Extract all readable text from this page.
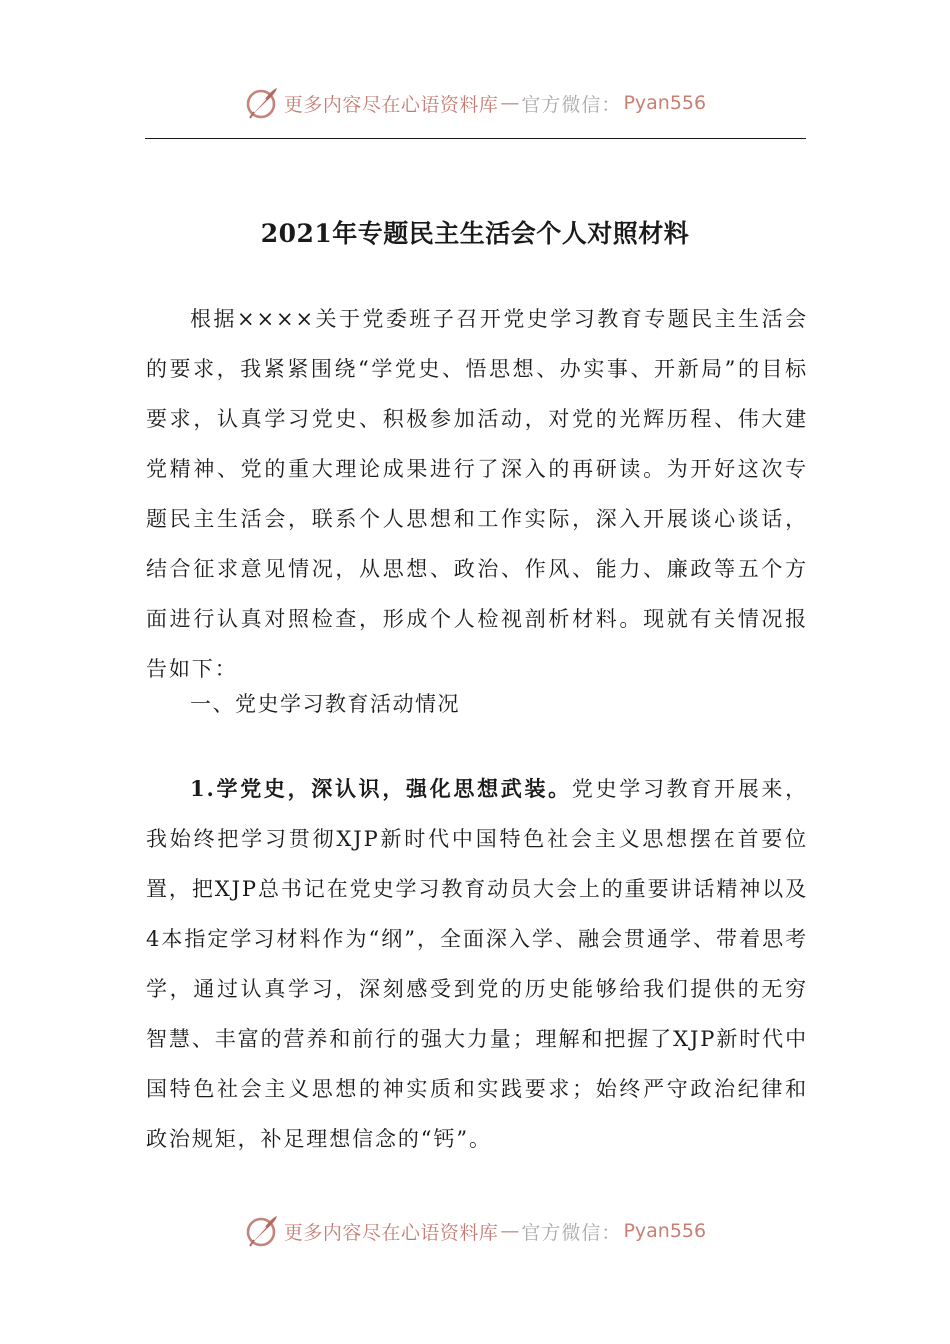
更多内容尽在心语资料库 — 官方微信： Pyan556
2021年专题民主生活会个人对照材料

根据××××关于党委班子召开党史学习教育专题民主生活会的要求，我紧紧围绕“学党史、悟思想、办实事、开新局”的目标要求，认真学习党史、积极参加活动，对党的光辉历程、伟大建党精神、党的重大理论成果进行了深入的再研读。为开好这次专题民主生活会，联系个人思想和工作实际，深入开展谈心谈话，结合征求意见情况，从思想、政治、作风、能力、廉政等五个方面进行认真对照检查，形成个人检视剖析材料。现就有关情况报告如下：

一、党史学习教育活动情况

1.学党史，深认识，强化思想武装。党史学习教育开展来，我始终把学习贯彻XJP新时代中国特色社会主义思想摆在首要位置，把XJP总书记在党史学习教育动员大会上的重要讲话精神以及4本指定学习材料作为“纲”，全面深入学、融会贯通学、带着思考学，通过认真学习，深刻感受到党的历史能够给我们提供的无穷智慧、丰富的营养和前行的强大力量；理解和把握了XJP新时代中国特色社会主义思想的神实质和实践要求；始终严守政治纪律和政治规矩，补足理想信念的“钙”。

更多内容尽在心语资料库 — 官方微信： Pyan556
